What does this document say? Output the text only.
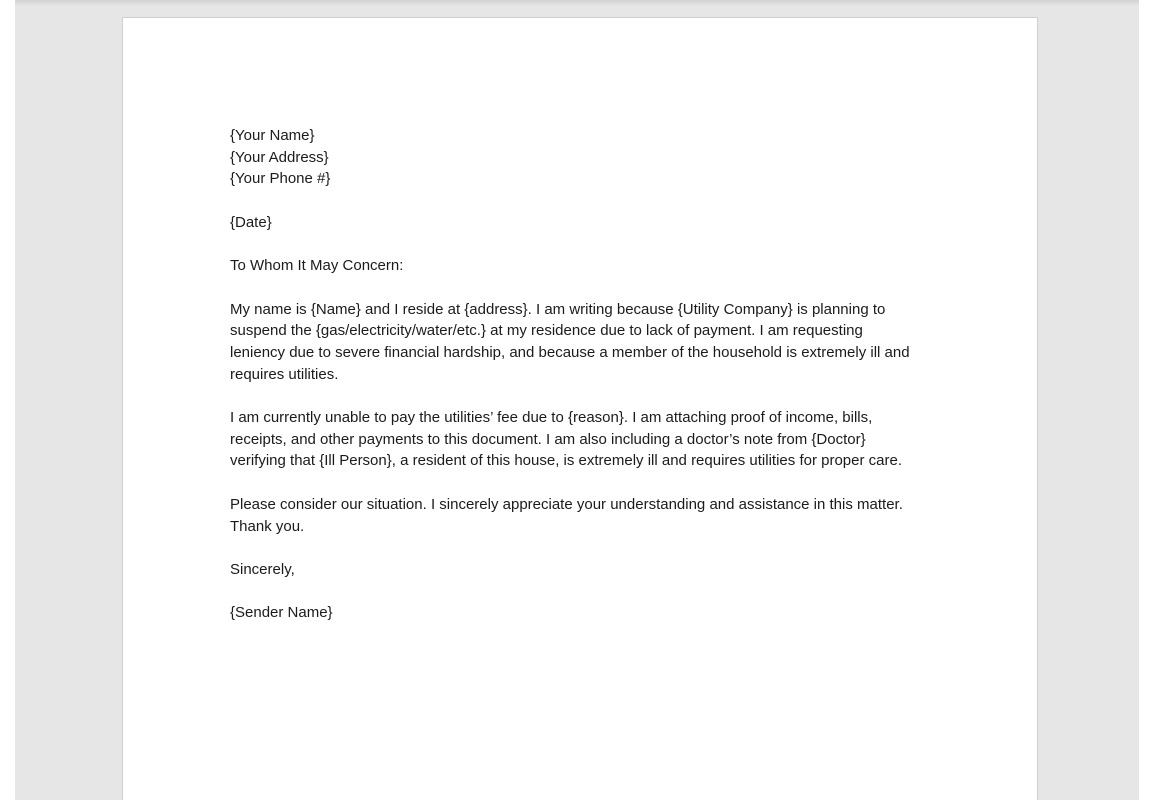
{Your Name}
{Your Address}
{Your Phone #}

{Date}

To Whom It May Concern:

My name is {Name} and I reside at {address}. I am writing because {Utility Company} is planning to
suspend the {gas/electricity/water/etc.} at my residence due to lack of payment. I am requesting
leniency due to severe financial hardship, and because a member of the household is extremely ill and
requires utilities.

I am currently unable to pay the utilities’ fee due to {reason}. I am attaching proof of income, bills,
receipts, and other payments to this document. I am also including a doctor’s note from {Doctor}
verifying that {Ill Person}, a resident of this house, is extremely ill and requires utilities for proper care.

Please consider our situation. I sincerely appreciate your understanding and assistance in this matter.
Thank you.

Sincerely,

{Sender Name}
